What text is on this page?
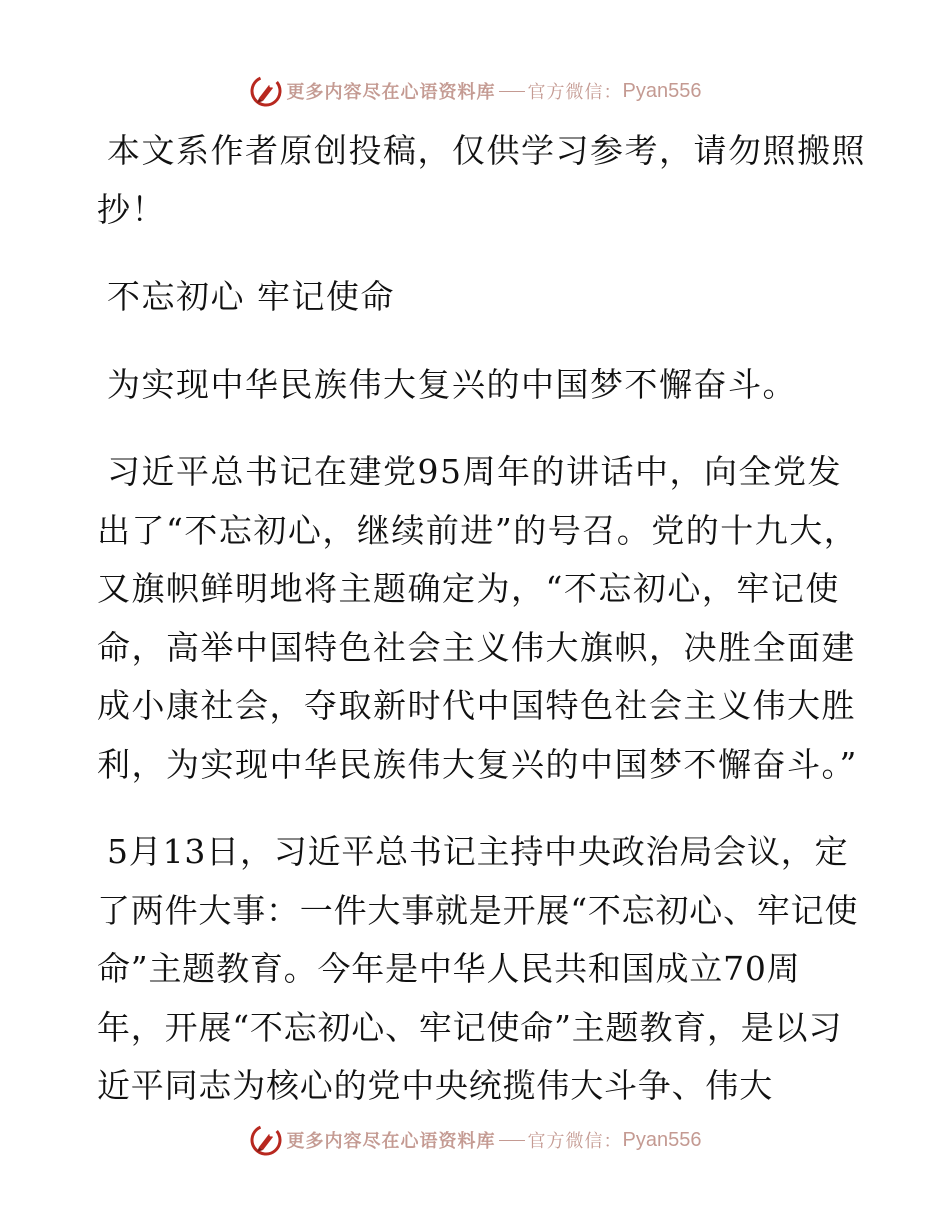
更多内容尽在心语资料库 官方微信： Pyan556

本文系作者原创投稿，仅供学习参考，请勿照搬照抄！

不忘初心 牢记使命

为实现中华民族伟大复兴的中国梦不懈奋斗。

习近平总书记在建党95周年的讲话中，向全党发出了“不忘初心，继续前进”的号召。党的十九大，又旗帜鲜明地将主题确定为，“不忘初心，牢记使命，高举中国特色社会主义伟大旗帜，决胜全面建成小康社会，夺取新时代中国特色社会主义伟大胜利，为实现中华民族伟大复兴的中国梦不懈奋斗。”

5月13日，习近平总书记主持中央政治局会议，定了两件大事：一件大事就是开展“不忘初心、牢记使命”主题教育。今年是中华人民共和国成立70周年，开展“不忘初心、牢记使命”主题教育，是以习近平同志为核心的党中央统揽伟大斗争、伟大

更多内容尽在心语资料库 官方微信： Pyan556
